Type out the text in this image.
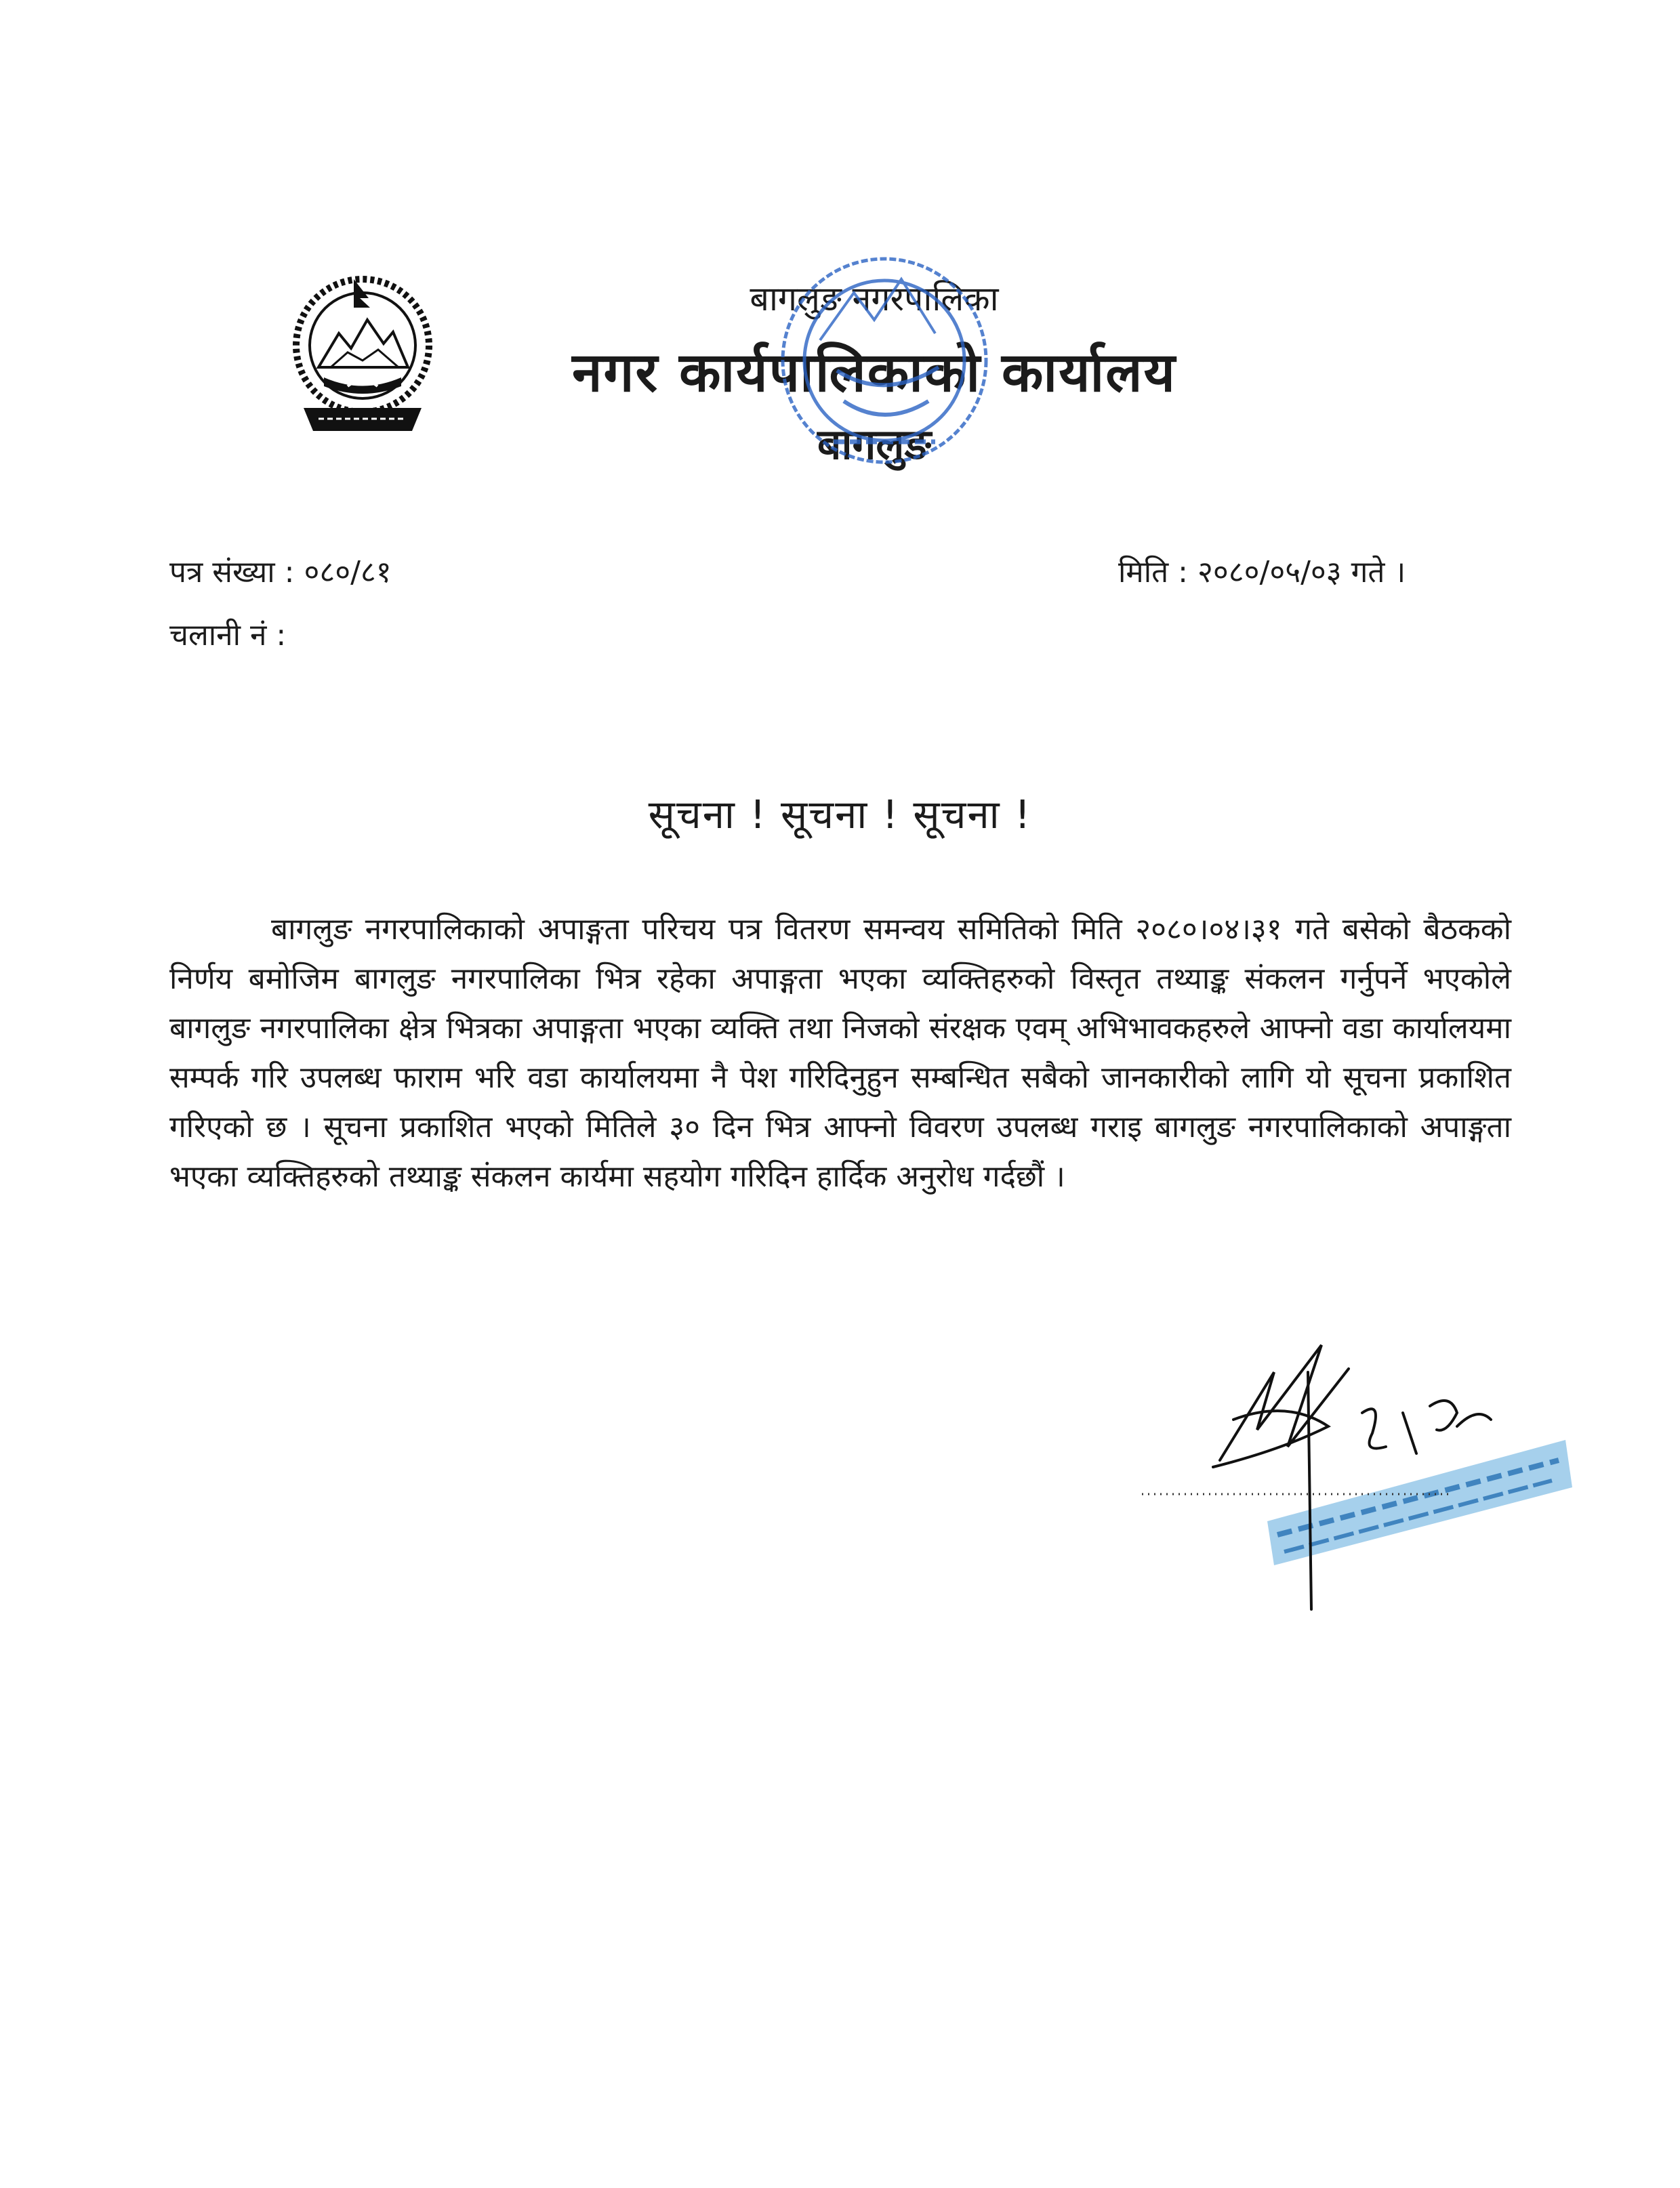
बागलुङ नगरपालिका
नगर कार्यपालिकाको कार्यालय
बागलुङ
पत्र संख्या : ०८०/८१	मिति : २०८०/०५/०३ गते ।
चलानी नं :
सूचना ! सूचना ! सूचना !
बागलुङ नगरपालिकाको अपाङ्गता परिचय पत्र वितरण समन्वय समितिको मिति २०८०।०४।३१ गते बसेको बैठकको निर्णय बमोजिम बागलुङ नगरपालिका भित्र रहेका अपाङ्गता भएका व्यक्तिहरुको विस्तृत तथ्याङ्क संकलन गर्नुपर्ने भएकोले बागलुङ नगरपालिका क्षेत्र भित्रका अपाङ्गता भएका व्यक्ति तथा निजको संरक्षक एवम् अभिभावकहरुले आफ्नो वडा कार्यालयमा सम्पर्क गरि उपलब्ध फाराम भरि वडा कार्यालयमा नै पेश गरिदिनुहुन सम्बन्धित सबैको जानकारीको लागि यो सूचना प्रकाशित गरिएको छ । सूचना प्रकाशित भएको मितिले ३० दिन भित्र आफ्नो विवरण उपलब्ध गराइ बागलुङ नगरपालिकाको अपाङ्गता भएका व्यक्तिहरुको तथ्याङ्क संकलन कार्यमा सहयोग गरिदिन हार्दिक अनुरोध गर्दछौं ।
